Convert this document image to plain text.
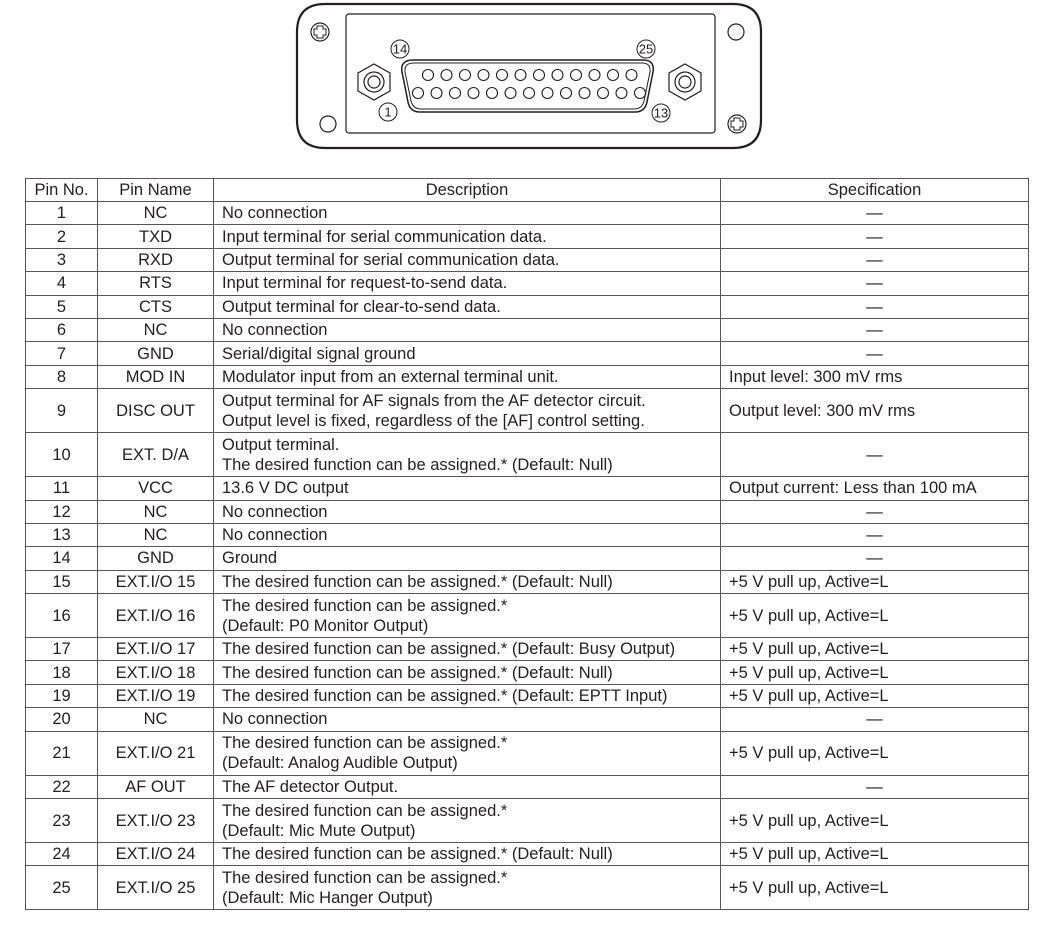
14	25
1	13
Pin No.	Pin Name	Description	Specification
1	NC	No connection	—
2	TXD	Input terminal for serial communication data.	—
3	RXD	Output terminal for serial communication data.	—
4	RTS	Input terminal for request-to-send data.	—
5	CTS	Output terminal for clear-to-send data.	—
6	NC	No connection	—
7	GND	Serial/digital signal ground	—
8	MOD IN	Modulator input from an external terminal unit.	Input level: 300 mV rms
9	DISC OUT	Output terminal for AF signals from the AF detector circuit.
Output level is fixed, regardless of the [AF] control setting.	Output level: 300 mV rms
10	EXT. D/A	Output terminal.
The desired function can be assigned.* (Default: Null)	—
11	VCC	13.6 V DC output	Output current: Less than 100 mA
12	NC	No connection	—
13	NC	No connection	—
14	GND	Ground	—
15	EXT.I/O 15	The desired function can be assigned.* (Default: Null)	+5 V pull up, Active=L
16	EXT.I/O 16	The desired function can be assigned.*
(Default: P0 Monitor Output)	+5 V pull up, Active=L
17	EXT.I/O 17	The desired function can be assigned.* (Default: Busy Output)	+5 V pull up, Active=L
18	EXT.I/O 18	The desired function can be assigned.* (Default: Null)	+5 V pull up, Active=L
19	EXT.I/O 19	The desired function can be assigned.* (Default: EPTT Input)	+5 V pull up, Active=L
20	NC	No connection	—
21	EXT.I/O 21	The desired function can be assigned.*
(Default: Analog Audible Output)	+5 V pull up, Active=L
22	AF OUT	The AF detector Output.	—
23	EXT.I/O 23	The desired function can be assigned.*
(Default: Mic Mute Output)	+5 V pull up, Active=L
24	EXT.I/O 24	The desired function can be assigned.* (Default: Null)	+5 V pull up, Active=L
25	EXT.I/O 25	The desired function can be assigned.*
(Default: Mic Hanger Output)	+5 V pull up, Active=L
